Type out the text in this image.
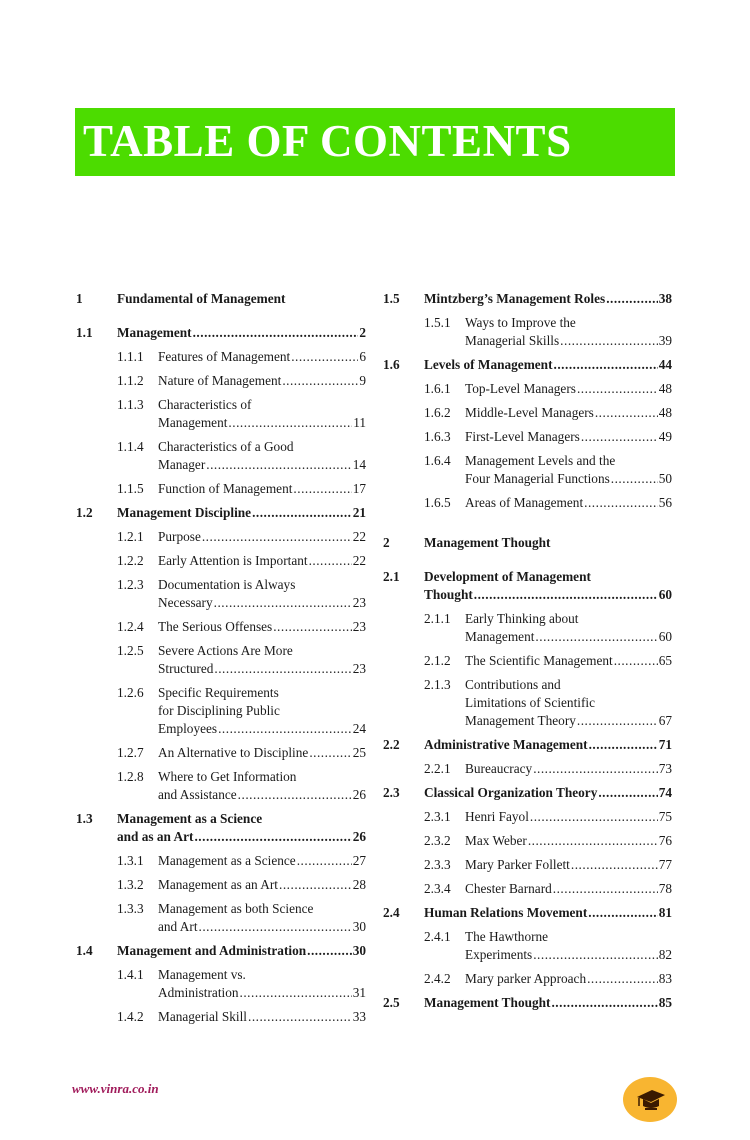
TABLE OF CONTENTS
1	Fundamental of Management
1.1 Management .....	2
1.1.1 Features of Management .....	6
1.1.2 Nature of Management .....	9
1.1.3 Characteristics of
Management .....	11
1.1.4 Characteristics of a Good
Manager .....	14
1.1.5 Function of Management .....	17
1.2 Management Discipline .....	21
1.2.1 Purpose .....	22
1.2.2 Early Attention is Important .....	22
1.2.3 Documentation is Always
Necessary .....	23
1.2.4 The Serious Offenses .....	23
1.2.5 Severe Actions Are More
Structured .....	23
1.2.6 Specific Requirements
for Disciplining Public
Employees .....	24
1.2.7 An Alternative to Discipline .....	25
1.2.8 Where to Get Information
and Assistance .....	26
1.3 Management as a Science
and as an Art .....	26
1.3.1 Management as a Science .....	27
1.3.2 Management as an Art .....	28
1.3.3 Management as both Science
and Art .....	30
1.4 Management and Administration .....	30
1.4.1 Management vs.
Administration .....	31
1.4.2 Managerial Skill .....	33
1.5 Mintzberg’s Management Roles .....	38
1.5.1 Ways to Improve the
Managerial Skills .....	39
1.6 Levels of Management .....	44
1.6.1 Top-Level Managers .....	48
1.6.2 Middle-Level Managers .....	48
1.6.3 First-Level Managers .....	49
1.6.4 Management Levels and the
Four Managerial Functions .....	50
1.6.5 Areas of Management .....	56
2	Management Thought
2.1 Development of Management
Thought .....	60
2.1.1 Early Thinking about
Management .....	60
2.1.2 The Scientific Management .....	65
2.1.3 Contributions and
Limitations of Scientific
Management Theory .....	67
2.2 Administrative Management .....	71
2.2.1 Bureaucracy .....	73
2.3 Classical Organization Theory .....	74
2.3.1 Henri Fayol .....	75
2.3.2 Max Weber .....	76
2.3.3 Mary Parker Follett .....	77
2.3.4 Chester Barnard .....	78
2.4 Human Relations Movement .....	81
2.4.1 The Hawthorne
Experiments .....	82
2.4.2 Mary parker Approach .....	83
2.5 Management Thought .....	85
www.vinra.co.in
